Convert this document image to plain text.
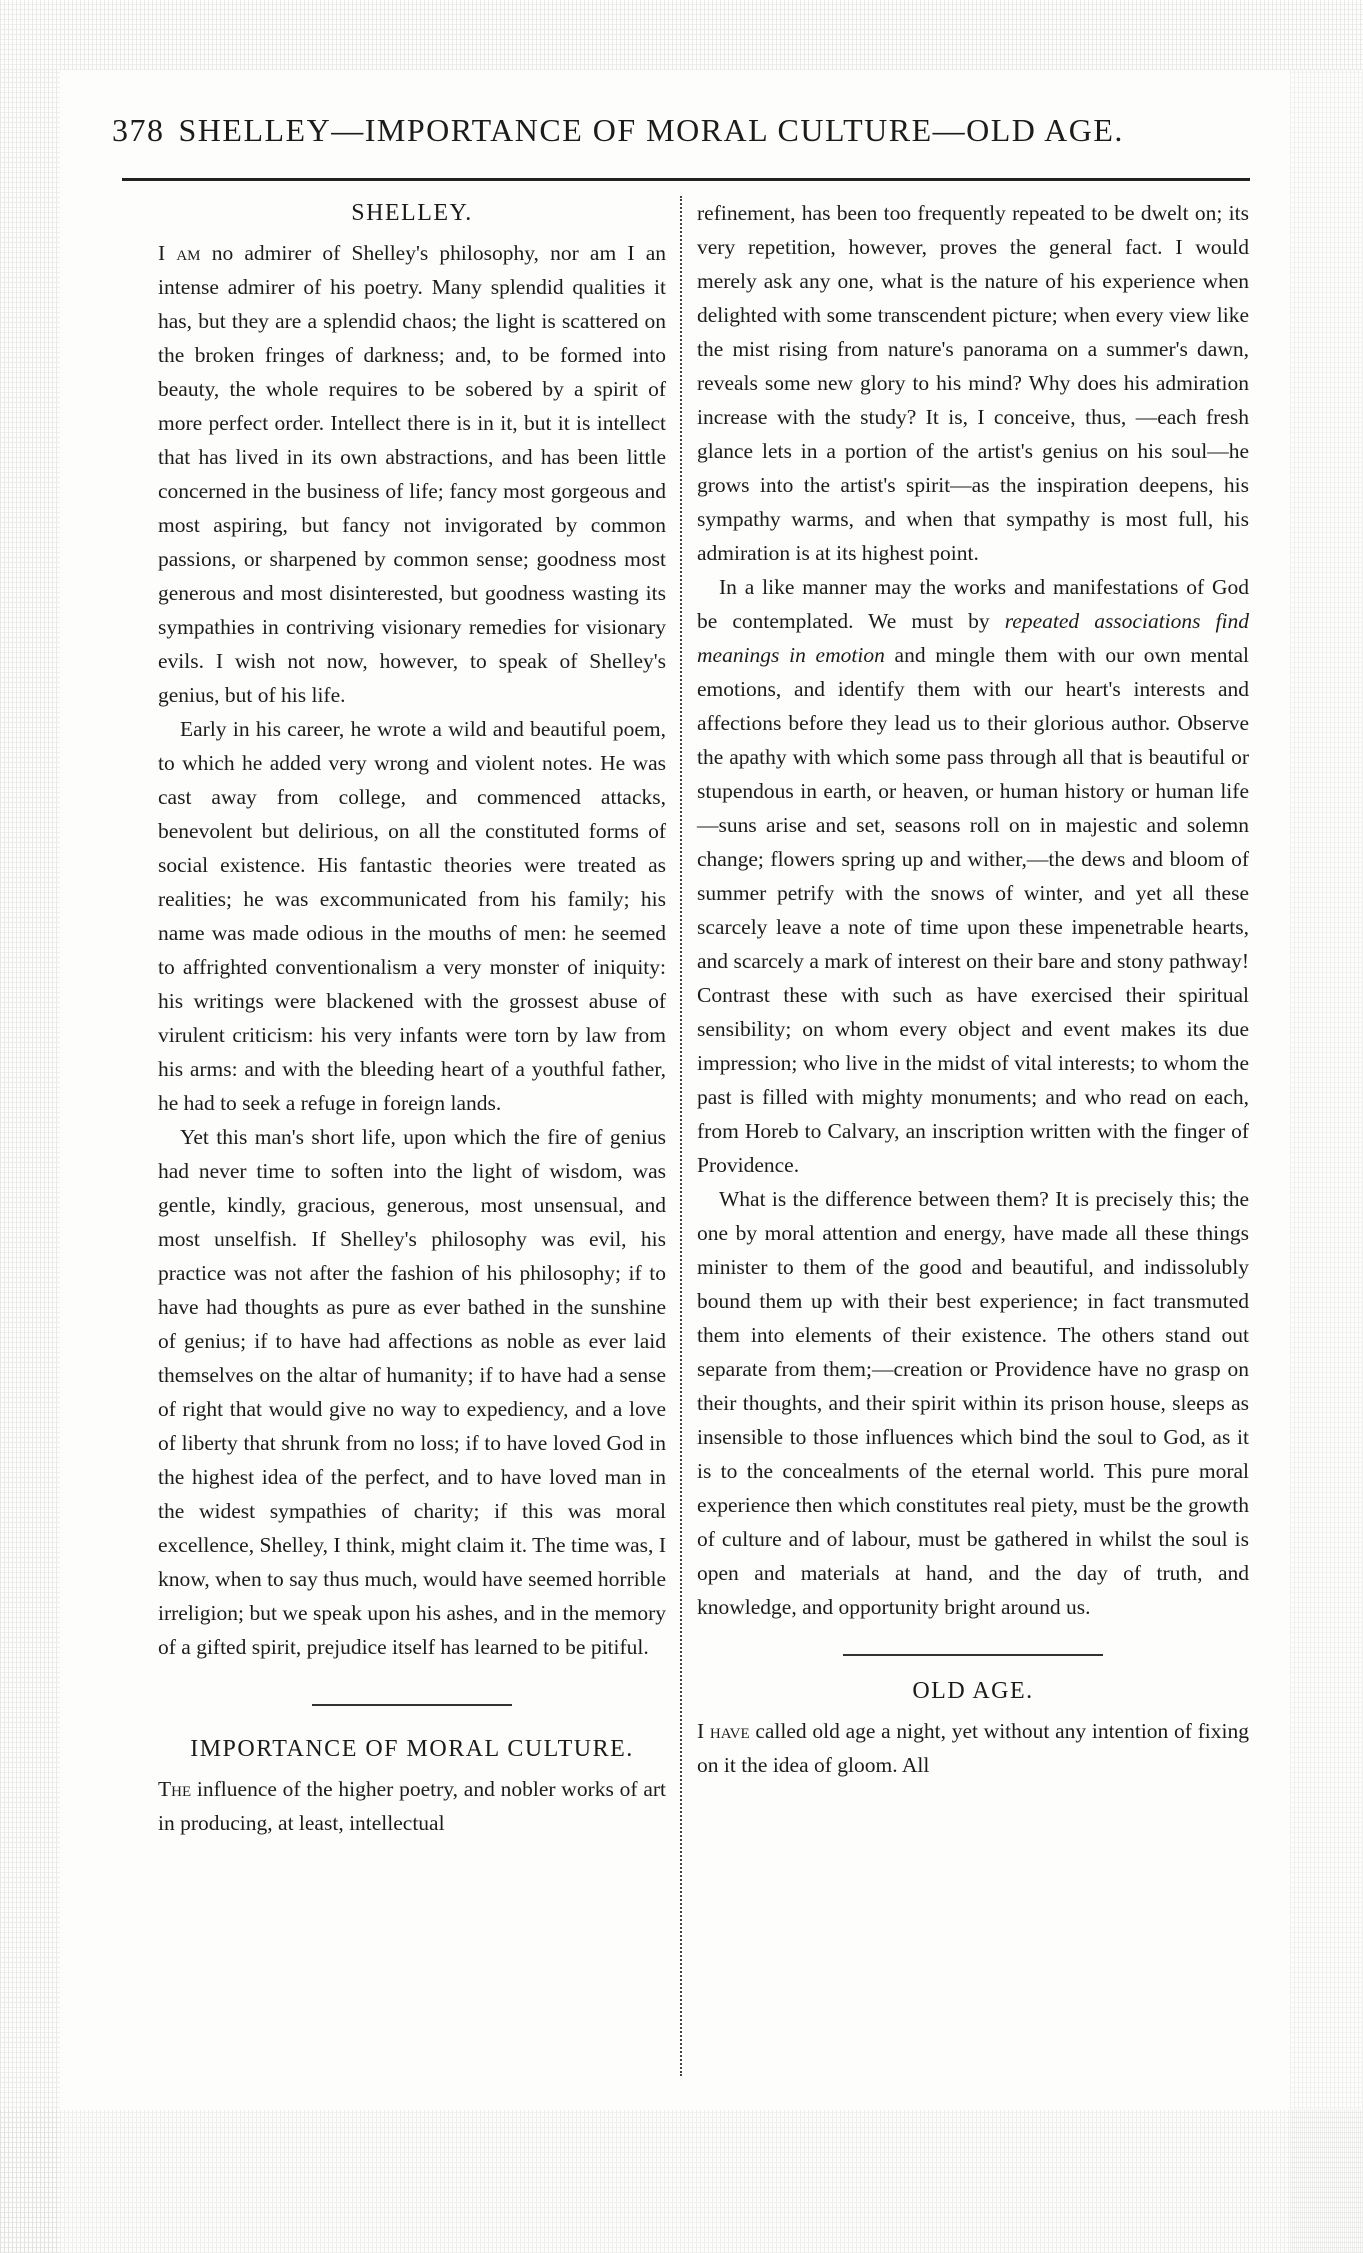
378 SHELLEY—IMPORTANCE OF MORAL CULTURE—OLD AGE.
SHELLEY.

I am no admirer of Shelley's philosophy, nor am I an intense admirer of his poetry. Many splendid qualities it has, but they are a splendid chaos; the light is scattered on the broken fringes of darkness; and, to be formed into beauty, the whole requires to be sobered by a spirit of more perfect order. Intellect there is in it, but it is intellect that has lived in its own abstractions, and has been little concerned in the business of life; fancy most gorgeous and most aspiring, but fancy not invigorated by common passions, or sharpened by common sense; goodness most generous and most disinterested, but goodness wasting its sympathies in contriving visionary remedies for visionary evils. I wish not now, however, to speak of Shelley's genius, but of his life.

Early in his career, he wrote a wild and beautiful poem, to which he added very wrong and violent notes. He was cast away from college, and commenced attacks, benevolent but delirious, on all the constituted forms of social existence. His fantastic theories were treated as realities; he was excommunicated from his family; his name was made odious in the mouths of men: he seemed to affrighted conventionalism a very monster of iniquity: his writings were blackened with the grossest abuse of virulent criticism: his very infants were torn by law from his arms: and with the bleeding heart of a youthful father, he had to seek a refuge in foreign lands.

Yet this man's short life, upon which the fire of genius had never time to soften into the light of wisdom, was gentle, kindly, gracious, generous, most unsensual, and most unselfish. If Shelley's philosophy was evil, his practice was not after the fashion of his philosophy; if to have had thoughts as pure as ever bathed in the sunshine of genius; if to have had affections as noble as ever laid themselves on the altar of humanity; if to have had a sense of right that would give no way to expediency, and a love of liberty that shrunk from no loss; if to have loved God in the highest idea of the perfect, and to have loved man in the widest sympathies of charity; if this was moral excellence, Shelley, I think, might claim it. The time was, I know, when to say thus much, would have seemed horrible irreligion; but we speak upon his ashes, and in the memory of a gifted spirit, prejudice itself has learned to be pitiful.

IMPORTANCE OF MORAL CULTURE.

The influence of the higher poetry, and nobler works of art in producing, at least, intellectual

refinement, has been too frequently repeated to be dwelt on; its very repetition, however, proves the general fact. I would merely ask any one, what is the nature of his experience when delighted with some transcendent picture; when every view like the mist rising from nature's panorama on a summer's dawn, reveals some new glory to his mind? Why does his admiration increase with the study? It is, I conceive, thus, —each fresh glance lets in a portion of the artist's genius on his soul—he grows into the artist's spirit—as the inspiration deepens, his sympathy warms, and when that sympathy is most full, his admiration is at its highest point.

In a like manner may the works and manifestations of God be contemplated. We must by repeated associations find meanings in emotion and mingle them with our own mental emotions, and identify them with our heart's interests and affections before they lead us to their glorious author. Observe the apathy with which some pass through all that is beautiful or stupendous in earth, or heaven, or human history or human life—suns arise and set, seasons roll on in majestic and solemn change; flowers spring up and wither,—the dews and bloom of summer petrify with the snows of winter, and yet all these scarcely leave a note of time upon these impenetrable hearts, and scarcely a mark of interest on their bare and stony pathway! Contrast these with such as have exercised their spiritual sensibility; on whom every object and event makes its due impression; who live in the midst of vital interests; to whom the past is filled with mighty monuments; and who read on each, from Horeb to Calvary, an inscription written with the finger of Providence.

What is the difference between them? It is precisely this; the one by moral attention and energy, have made all these things minister to them of the good and beautiful, and indissolubly bound them up with their best experience; in fact transmuted them into elements of their existence. The others stand out separate from them;—creation or Providence have no grasp on their thoughts, and their spirit within its prison house, sleeps as insensible to those influences which bind the soul to God, as it is to the concealments of the eternal world. This pure moral experience then which constitutes real piety, must be the growth of culture and of labour, must be gathered in whilst the soul is open and materials at hand, and the day of truth, and knowledge, and opportunity bright around us.

OLD AGE.

I have called old age a night, yet without any intention of fixing on it the idea of gloom. All
